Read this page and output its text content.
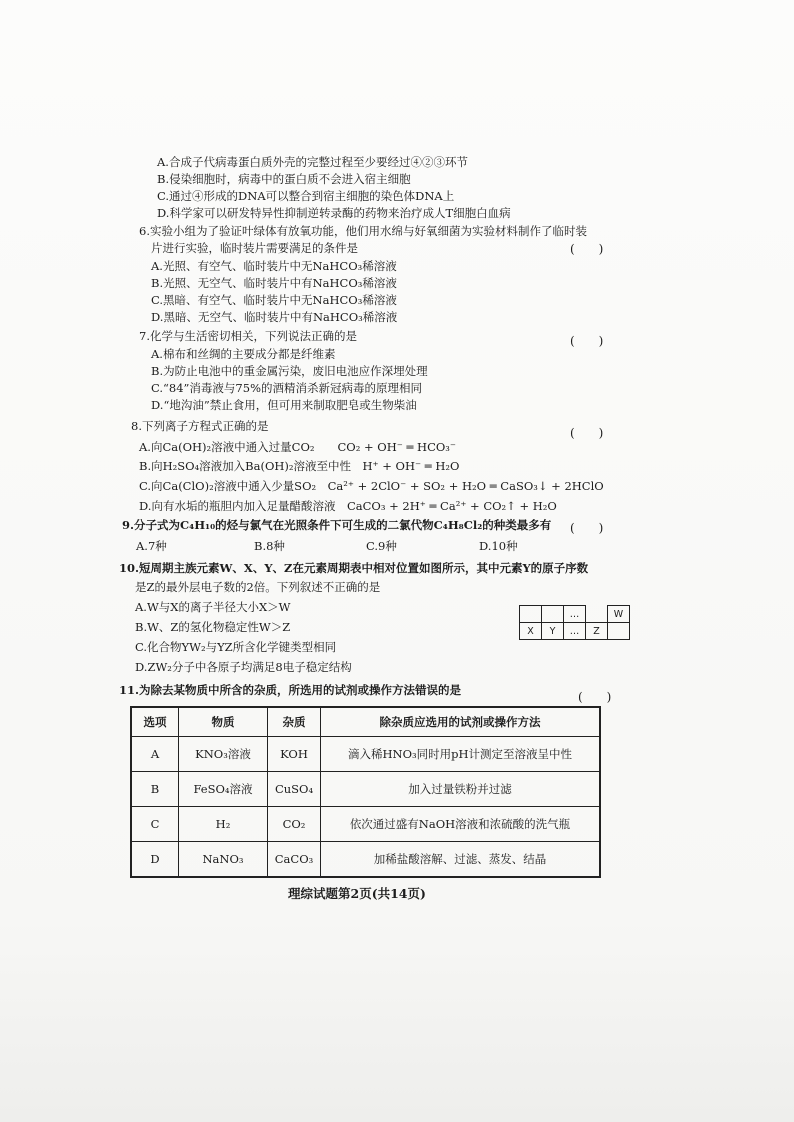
A.合成子代病毒蛋白质外壳的完整过程至少要经过④②③环节
B.侵染细胞时，病毒中的蛋白质不会进入宿主细胞
C.通过④形成的DNA可以整合到宿主细胞的染色体DNA上
D.科学家可以研发特异性抑制逆转录酶的药物来治疗成人T细胞白血病
6.实验小组为了验证叶绿体有放氧功能，他们用水绵与好氧细菌为实验材料制作了临时装
片进行实验，临时装片需要满足的条件是	(　　)
A.光照、有空气、临时装片中无NaHCO₃稀溶液
B.光照、无空气、临时装片中有NaHCO₃稀溶液
C.黑暗、有空气、临时装片中无NaHCO₃稀溶液
D.黑暗、无空气、临时装片中有NaHCO₃稀溶液
7.化学与生活密切相关，下列说法正确的是	(　　)
A.棉布和丝绸的主要成分都是纤维素
B.为防止电池中的重金属污染，废旧电池应作深埋处理
C.“84”消毒液与75%的酒精消杀新冠病毒的原理相同
D.“地沟油”禁止食用，但可用来制取肥皂或生物柴油
8.下列离子方程式正确的是	(　　)
A.向Ca(OH)₂溶液中通入过量CO₂　　CO₂ + OH⁻ ═ HCO₃⁻
B.向H₂SO₄溶液加入Ba(OH)₂溶液至中性　H⁺ + OH⁻ ═ H₂O
C.向Ca(ClO)₂溶液中通入少量SO₂　Ca²⁺ + 2ClO⁻ + SO₂ + H₂O ═ CaSO₃↓ + 2HClO
D.向有水垢的瓶胆内加入足量醋酸溶液　CaCO₃ + 2H⁺ ═ Ca²⁺ + CO₂↑ + H₂O
9.分子式为C₄H₁₀的烃与氯气在光照条件下可生成的二氯代物C₄H₈Cl₂的种类最多有 (　　)
A.7种	B.8种	C.9种	D.10种
10.短周期主族元素W、X、Y、Z在元素周期表中相对位置如图所示，其中元素Y的原子序数
是Z的最外层电子数的2倍。下列叙述不正确的是
A.W与X的离子半径大小X＞W
B.W、Z的氢化物稳定性W＞Z
C.化合物YW₂与YZ所含化学键类型相同
D.ZW₂分子中各原子均满足8电子稳定结构
		…		W
X	Y	…	Z	
11.为除去某物质中所含的杂质，所选用的试剂或操作方法错误的是	(　　)
选项	物质	杂质	除杂质应选用的试剂或操作方法
A	KNO₃溶液	KOH	滴入稀HNO₃同时用pH计测定至溶液呈中性
B	FeSO₄溶液	CuSO₄	加入过量铁粉并过滤
C	H₂	CO₂	依次通过盛有NaOH溶液和浓硫酸的洗气瓶
D	NaNO₃	CaCO₃	加稀盐酸溶解、过滤、蒸发、结晶
理综试题第2页(共14页)
